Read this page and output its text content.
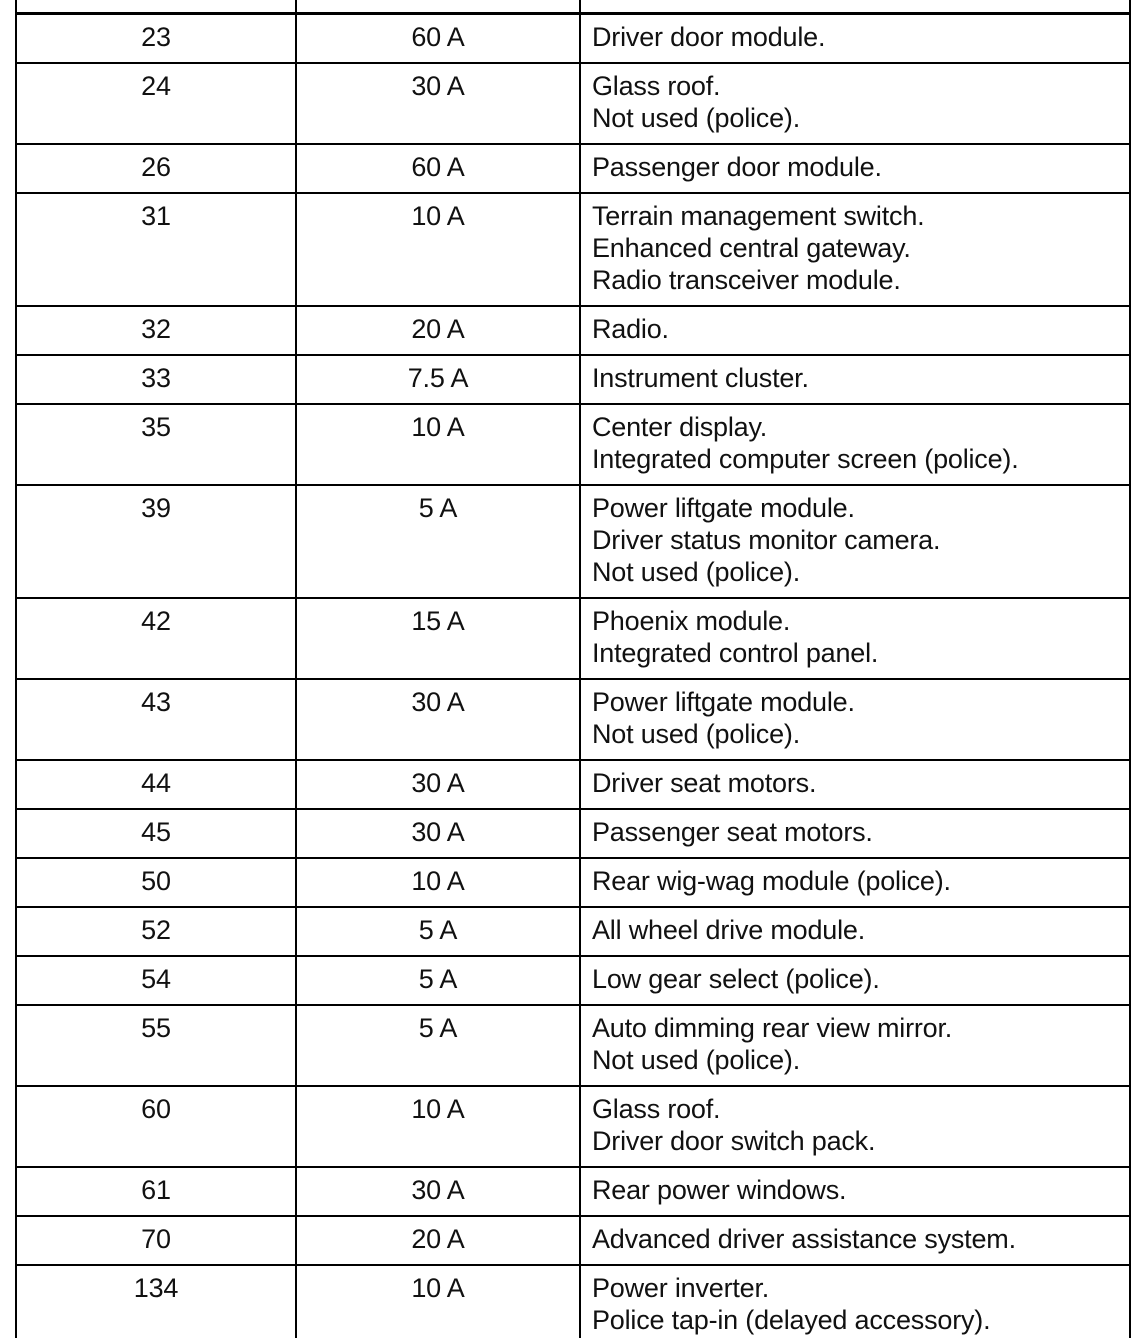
23	60 A	Driver door module.

24	30 A	Glass roof.
Not used (police).

26	60 A	Passenger door module.

31	10 A	Terrain management switch.
Enhanced central gateway.
Radio transceiver module.

32	20 A	Radio.

33	7.5 A	Instrument cluster.

35	10 A	Center display.
Integrated computer screen (police).

39	5 A	Power liftgate module.
Driver status monitor camera.
Not used (police).

42	15 A	Phoenix module.
Integrated control panel.

43	30 A	Power liftgate module.
Not used (police).

44	30 A	Driver seat motors.

45	30 A	Passenger seat motors.

50	10 A	Rear wig-wag module (police).

52	5 A	All wheel drive module.

54	5 A	Low gear select (police).

55	5 A	Auto dimming rear view mirror.
Not used (police).

60	10 A	Glass roof.
Driver door switch pack.

61	30 A	Rear power windows.

70	20 A	Advanced driver assistance system.

134	10 A	Power inverter.
Police tap-in (delayed accessory).
